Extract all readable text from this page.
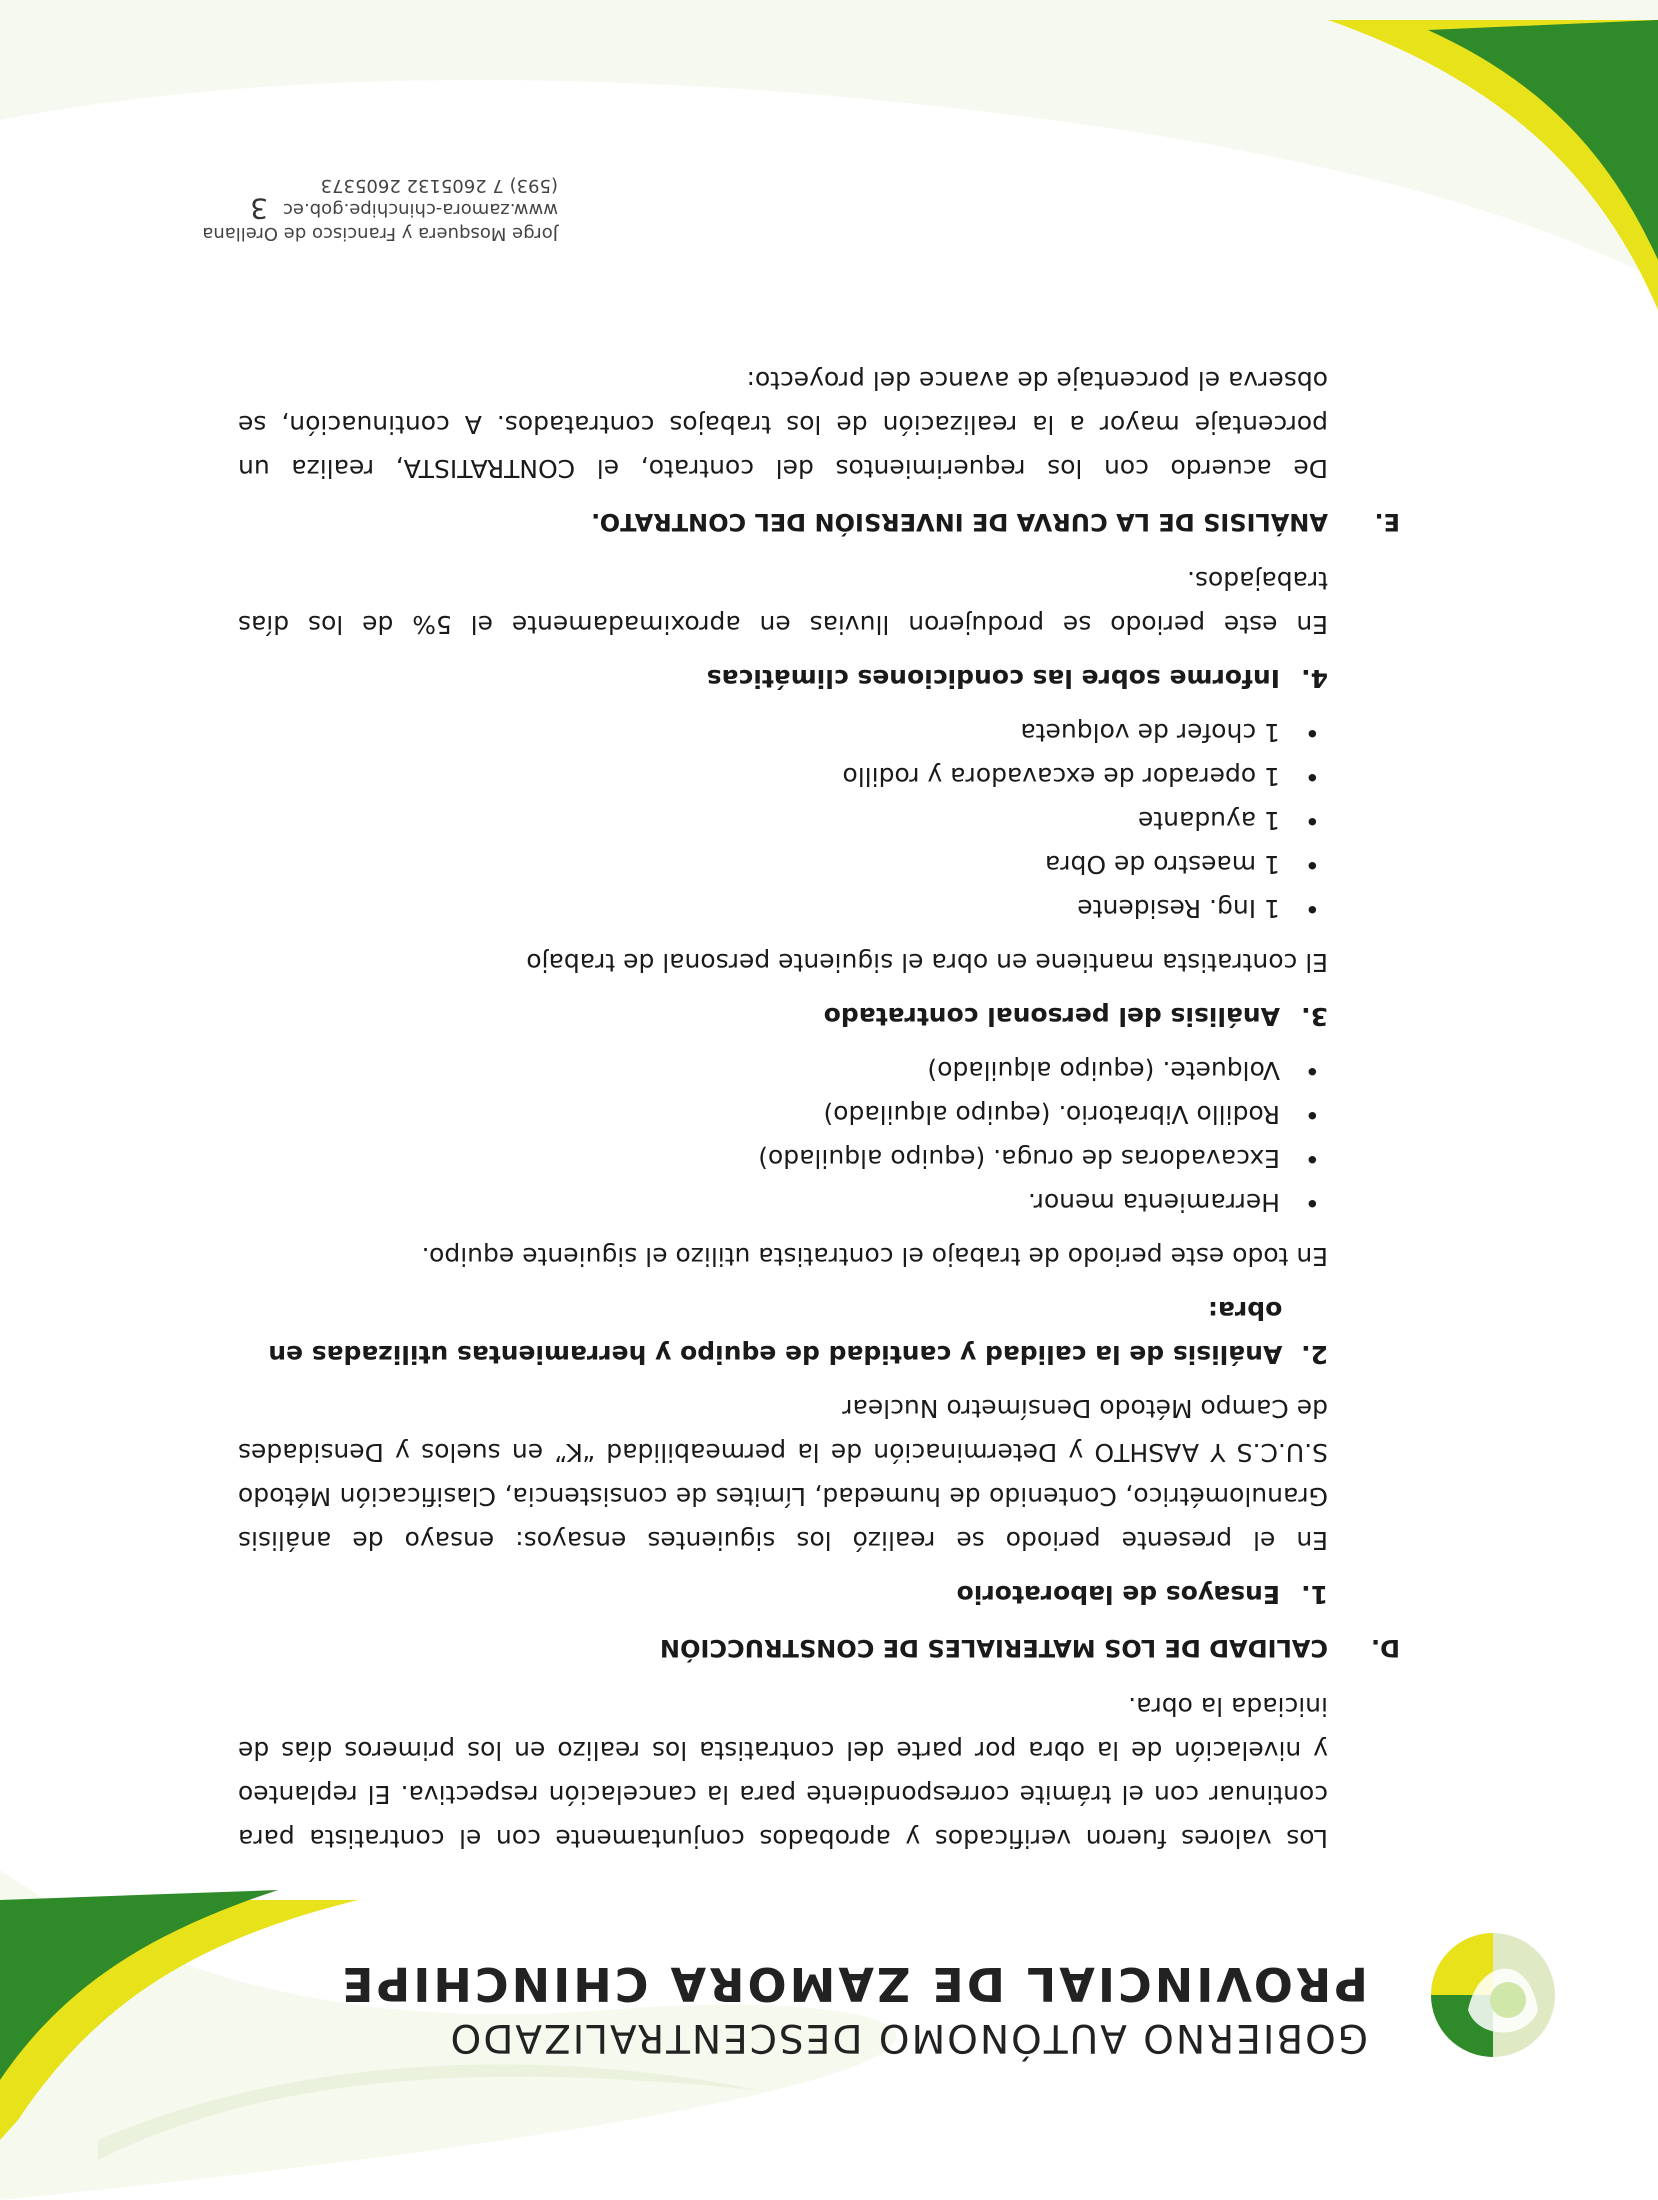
GOBIERNO AUTÓNOMO DESCENTRALIZADO
PROVINCIAL DE ZAMORA CHINCHIPE

Los valores fueron verificados y aprobados conjuntamente con el contratista para continuar con el trámite correspondiente para la cancelación respectiva. El replanteo y nivelación de la obra por parte del contratista los realizo en los primeros días de iniciada la obra.

D.
CALIDAD DE LOS MATERIALES DE CONSTRUCCIÓN
1.
Ensayos de laboratorio

En el presente periodo se realizó los siguientes ensayos: ensayo de análisis Granulométrico, Contenido de humedad, Límites de consistencia, Clasificación Método S.U.C.S Y AASHTO y Determinación de la permeabilidad “K” en suelos y Densidades de Campo Método Densímetro Nuclear

2.
Análisis de la calidad y cantidad de equipo y herramientas utilizadas en obra:

En todo este periodo de trabajo el contratista utilizo el siguiente equipo.

• Herramienta menor.
• Excavadoras de oruga. (equipo alquilado)
• Rodillo Vibratorio. (equipo alquilado)
• Volquete. (equipo alquilado)
3.
Análisis del personal contratado

El contratista mantiene en obra el siguiente personal de trabajo

• 1 Ing. Residente
• 1 maestro de Obra
• 1 ayudante
• 1 operador de excavadora y rodillo
• 1 chofer de volqueta
4.
Informe sobre las condiciones climáticas

En este periodo se produjeron lluvias en aproximadamente el 5% de los días trabajados.

E.
ANÁLISIS DE LA CURVA DE INVERSIÓN DEL CONTRATO.

De acuerdo con los requerimientos del contrato, el CONTRATISTA, realiza un porcentaje mayor a la realización de los trabajos contratados. A continuación, se observa el porcentaje de avance del proyecto:

3
Jorge Mosquera y Francisco de Orellana
www.zamora-chinchipe.gob.ec
(593) 7 2605132 2605373
